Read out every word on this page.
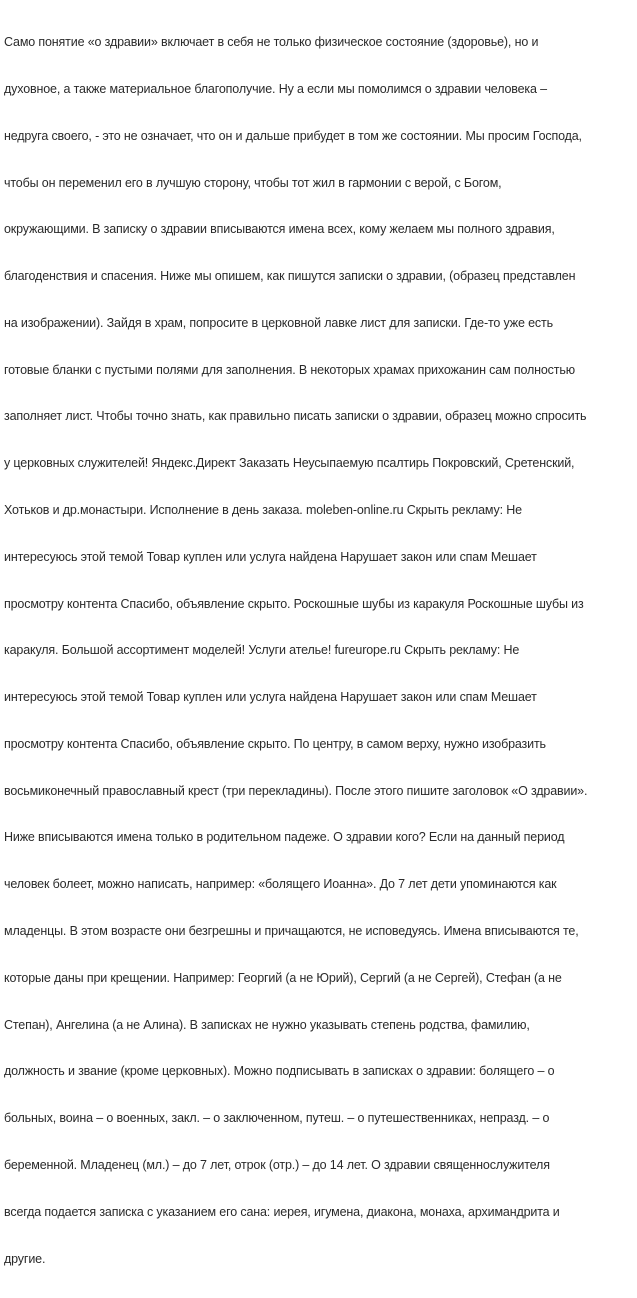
Само понятие «о здравии» включает в себя не только физическое состояние (здоровье), но и

духовное, а также материальное благополучие. Ну а если мы помолимся о здравии человека –

недруга своего, - это не означает, что он и дальше прибудет в том же состоянии. Мы просим Господа,

чтобы он переменил его в лучшую сторону, чтобы тот жил в гармонии с верой, с Богом,

окружающими. В записку о здравии вписываются имена всех, кому желаем мы полного здравия,

благоденствия и спасения. Ниже мы опишем, как пишутся записки о здравии, (образец представлен

на изображении). Зайдя в храм, попросите в церковной лавке лист для записки. Где-то уже есть

готовые бланки с пустыми полями для заполнения. В некоторых храмах прихожанин сам полностью

заполняет лист. Чтобы точно знать, как правильно писать записки о здравии, образец можно спросить

у церковных служителей! Яндекс.Директ Заказать Неусыпаемую псалтирь Покровский, Сретенский,

Хотьков и др.монастыри. Исполнение в день заказа. moleben-online.ru Скрыть рекламу: Не

интересуюсь этой темой Товар куплен или услуга найдена Нарушает закон или спам Мешает

просмотру контента Спасибо, объявление скрыто. Роскошные шубы из каракуля Роскошные шубы из

каракуля. Большой ассортимент моделей! Услуги ателье! fureurope.ru Скрыть рекламу: Не

интересуюсь этой темой Товар куплен или услуга найдена Нарушает закон или спам Мешает

просмотру контента Спасибо, объявление скрыто. По центру, в самом верху, нужно изобразить

восьмиконечный православный крест (три перекладины). После этого пишите заголовок «О здравии».

Ниже вписываются имена только в родительном падеже. О здравии кого? Если на данный период

человек болеет, можно написать, например: «болящего Иоанна». До 7 лет дети упоминаются как

младенцы. В этом возрасте они безгрешны и причащаются, не исповедуясь. Имена вписываются те,

которые даны при крещении. Например: Георгий (а не Юрий), Сергий (а не Сергей), Стефан (а не

Степан), Ангелина (а не Алина). В записках не нужно указывать степень родства, фамилию,

должность и звание (кроме церковных). Можно подписывать в записках о здравии: болящего – о

больных, воина – о военных, закл. – о заключенном, путеш. – о путешественниках, непразд. – о

беременной. Младенец (мл.) – до 7 лет, отрок (отр.) – до 14 лет. О здравии священнослужителя

всегда подается записка с указанием его сана: иерея, игумена, диакона, монаха, архимандрита и

другие.
